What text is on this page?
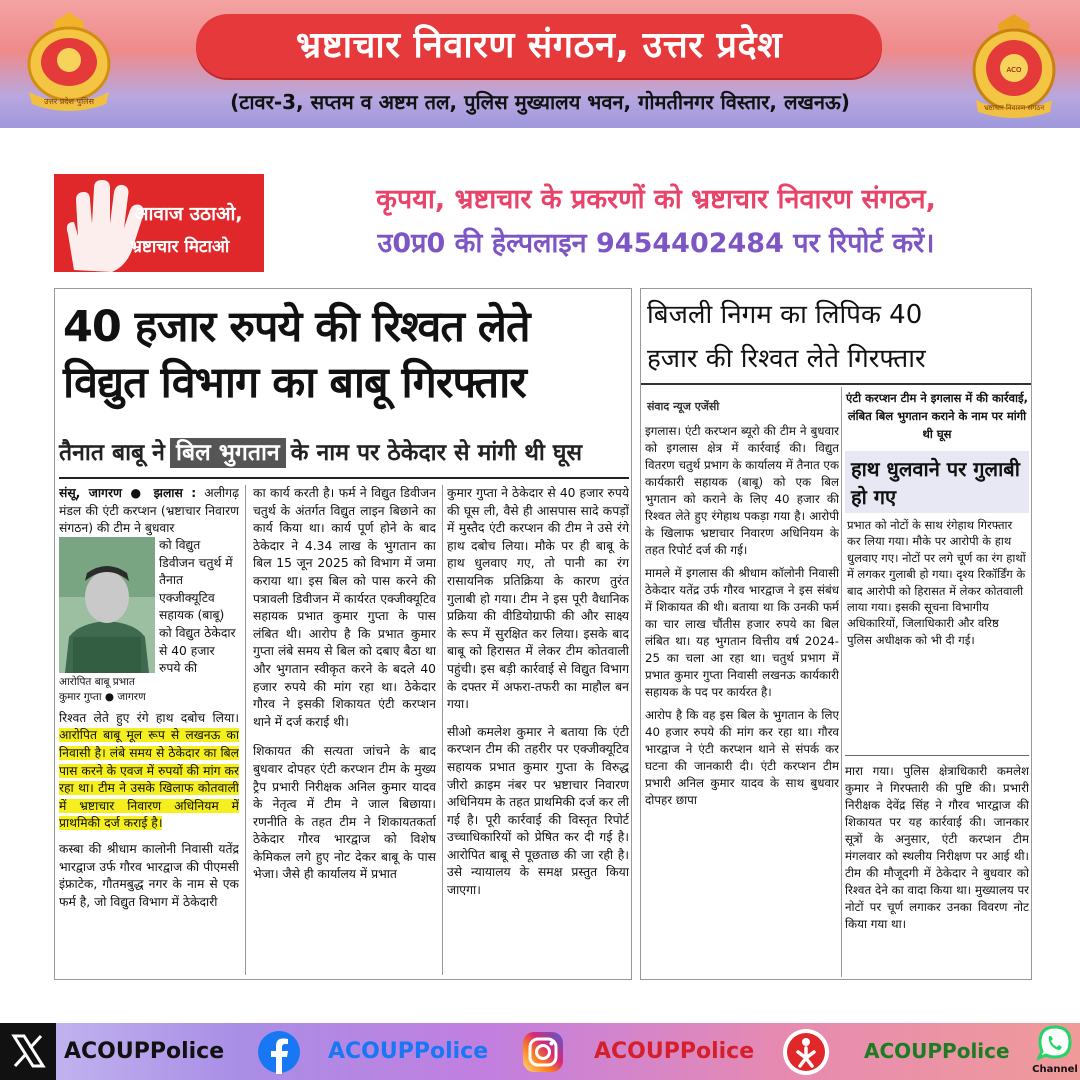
उत्तर प्रदेश पुलिस
ACO
भ्रष्टाचार निवारण संगठन
भ्रष्टाचार निवारण संगठन, उत्तर प्रदेश
(टावर-3, सप्तम व अष्टम तल, पुलिस मुख्यालय भवन, गोमतीनगर विस्तार, लखनऊ)
आवाज उठाओ,
भ्रष्टाचार मिटाओ
कृपया, भ्रष्टाचार के प्रकरणों को भ्रष्टाचार निवारण संगठन,
उ0प्र0 की हेल्पलाइन 9454402484 पर रिपोर्ट करें।
40 हजार रुपये की रिश्वत लेते
विद्युत विभाग का बाबू गिरफ्तार
तैनात बाबू ने बिल भुगतान के नाम पर ठेकेदार से मांगी थी घूस
संसू, जागरण ● झलास : अलीगढ़ मंडल की एंटी करप्शन (भ्रष्टाचार निवारण संगठन) की टीम ने बुधवार
रिश्वत लेते हुए रंगे हाथ दबोच लिया। आरोपित बाबू मूल रूप से लखनऊ का निवासी है। लंबे समय से ठेकेदार का बिल पास करने के एवज में रुपयों की मांग कर रहा था। टीम ने उसके खिलाफ कोतवाली में भ्रष्टाचार निवारण अधिनियम में प्राथमिकी दर्ज कराई है।
कस्बा की श्रीधाम कालोनी निवासी यतेंद्र भारद्वाज उर्फ गौरव भारद्वाज की पीएमसी इंफ्राटेक, गौतमबुद्ध नगर के नाम से एक फर्म है, जो विद्युत विभाग में ठेकेदारी
आरोपित बाबू प्रभात कुमार गुप्ता ● जागरण
को विद्युत डिवीजन चतुर्थ में तैनात एक्जीक्यूटिव सहायक (बाबू) को विद्युत ठेकेदार से 40 हजार रुपये की
का कार्य करती है। फर्म ने विद्युत डिवीजन चतुर्थ के अंतर्गत विद्युत लाइन बिछाने का कार्य किया था। कार्य पूर्ण होने के बाद ठेकेदार ने 4.34 लाख के भुगतान का बिल 15 जून 2025 को विभाग में जमा कराया था। इस बिल को पास करने की पत्रावली डिवीजन में कार्यरत एक्जीक्यूटिव सहायक प्रभात कुमार गुप्ता के पास लंबित थी। आरोप है कि प्रभात कुमार गुप्ता लंबे समय से बिल को दबाए बैठा था और भुगतान स्वीकृत करने के बदले 40 हजार रुपये की मांग रहा था। ठेकेदार गौरव ने इसकी शिकायत एंटी करप्शन थाने में दर्ज कराई थी।
शिकायत की सत्यता जांचने के बाद बुधवार दोपहर एंटी करप्शन टीम के मुख्य ट्रैप प्रभारी निरीक्षक अनिल कुमार यादव के नेतृत्व में टीम ने जाल बिछाया। रणनीति के तहत टीम ने शिकायतकर्ता ठेकेदार गौरव भारद्वाज को विशेष केमिकल लगे हुए नोट देकर बाबू के पास भेजा। जैसे ही कार्यालय में प्रभात
कुमार गुप्ता ने ठेकेदार से 40 हजार रुपये की घूस ली, वैसे ही आसपास सादे कपड़ों में मुस्तैद एंटी करप्शन की टीम ने उसे रंगे हाथ दबोच लिया। मौके पर ही बाबू के हाथ धुलवाए गए, तो पानी का रंग रासायनिक प्रतिक्रिया के कारण तुरंत गुलाबी हो गया। टीम ने इस पूरी वैधानिक प्रक्रिया की वीडियोग्राफी की और साक्ष्य के रूप में सुरक्षित कर लिया। इसके बाद बाबू को हिरासत में लेकर टीम कोतवाली पहुंची। इस बड़ी कार्रवाई से विद्युत विभाग के दफ्तर में अफरा-तफरी का माहौल बन गया।
सीओ कमलेश कुमार ने बताया कि एंटी करप्शन टीम की तहरीर पर एक्जीक्यूटिव सहायक प्रभात कुमार गुप्ता के विरुद्ध जीरो क्राइम नंबर पर भ्रष्टाचार निवारण अधिनियम के तहत प्राथमिकी दर्ज कर ली गई है। पूरी कार्रवाई की विस्तृत रिपोर्ट उच्चाधिकारियों को प्रेषित कर दी गई है। आरोपित बाबू से पूछताछ की जा रही है। उसे न्यायालय के समक्ष प्रस्तुत किया जाएगा।
बिजली निगम का लिपिक 40
हजार की रिश्वत लेते गिरफ्तार
संवाद न्यूज एजेंसी
इगलास। एंटी करप्शन ब्यूरो की टीम ने बुधवार को इगलास क्षेत्र में कार्रवाई की। विद्युत वितरण चतुर्थ प्रभाग के कार्यालय में तैनात एक कार्यकारी सहायक (बाबू) को एक बिल भुगतान को कराने के लिए 40 हजार की रिश्वत लेते हुए रंगेहाथ पकड़ा गया है। आरोपी के खिलाफ भ्रष्टाचार निवारण अधिनियम के तहत रिपोर्ट दर्ज की गई।
मामले में इगलास की श्रीधाम कॉलोनी निवासी ठेकेदार यतेंद्र उर्फ गौरव भारद्वाज ने इस संबंध में शिकायत की थी। बताया था कि उनकी फर्म का चार लाख चौंतीस हजार रुपये का बिल लंबित था। यह भुगतान वित्तीय वर्ष 2024-25 का चला आ रहा था। चतुर्थ प्रभाग में प्रभात कुमार गुप्ता निवासी लखनऊ कार्यकारी सहायक के पद पर कार्यरत है।
आरोप है कि वह इस बिल के भुगतान के लिए 40 हजार रुपये की मांग कर रहा था। गौरव भारद्वाज ने एंटी करप्शन थाने से संपर्क कर घटना की जानकारी दी। एंटी करप्शन टीम प्रभारी अनिल कुमार यादव के साथ बुधवार दोपहर छापा
एंटी करप्शन टीम ने इगलास में की कार्रवाई, लंबित बिल भुगतान कराने के नाम पर मांगी थी घूस
हाथ धुलवाने पर गुलाबी हो गए
प्रभात को नोटों के साथ रंगेहाथ गिरफ्तार कर लिया गया। मौके पर आरोपी के हाथ धुलवाए गए। नोटों पर लगे चूर्ण का रंग हाथों में लगकर गुलाबी हो गया। दृश्य रिकॉर्डिंग के बाद आरोपी को हिरासत में लेकर कोतवाली लाया गया। इसकी सूचना विभागीय अधिकारियों, जिलाधिकारी और वरिष्ठ पुलिस अधीक्षक को भी दी गई।
मारा गया। पुलिस क्षेत्राधिकारी कमलेश कुमार ने गिरफ्तारी की पुष्टि की। प्रभारी निरीक्षक देवेंद्र सिंह ने गौरव भारद्वाज की शिकायत पर यह कार्रवाई की। जानकार सूत्रों के अनुसार, एंटी करप्शन टीम मंगलवार को स्थलीय निरीक्षण पर आई थी। टीम की मौजूदगी में ठेकेदार ने बुधवार को रिश्वत देने का वादा किया था। मुख्यालय पर नोटों पर चूर्ण लगाकर उनका विवरण नोट किया गया था।
ACOUPPolice	ACOUPPolice	ACOUPPolice	ACOUPPolice
Channel
